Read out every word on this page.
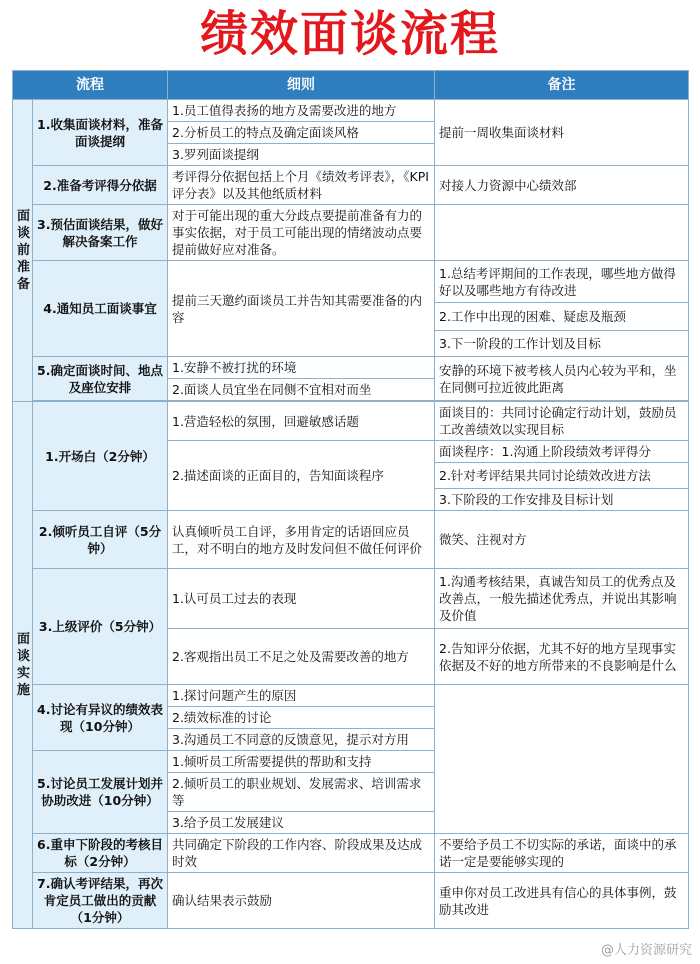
绩效面谈流程
流程		细则	备注
面谈前准备	1.收集面谈材料，准备面谈提纲	1.员工值得表扬的地方及需要改进的地方	提前一周收集面谈材料
		2.分析员工的特点及确定面谈风格	
		3.罗列面谈提纲	
	2.准备考评得分依据	考评得分依据包括上个月《绩效考评表》，《KPI评分表》以及其他纸质材料	对接人力资源中心绩效部
	3.预估面谈结果，做好解决备案工作	对于可能出现的重大分歧点要提前准备有力的事实依据，对于员工可能出现的情绪波动点要提前做好应对准备。	
	4.通知员工面谈事宜	提前三天邀约面谈员工并告知其需要准备的内容	1.总结考评期间的工作表现，哪些地方做得好以及哪些地方有待改进
			2.工作中出现的困难、疑虑及瓶颈
			3.下一阶段的工作计划及目标
	5.确定面谈时间、地点及座位安排	1.安静不被打扰的环境	安静的环境下被考核人员内心较为平和，坐在同侧可拉近彼此距离
		2.面谈人员宜坐在同侧不宜相对而坐	

面谈实施	1.开场白（2分钟）	1.营造轻松的氛围，回避敏感话题	面谈目的：共同讨论确定行动计划，鼓励员工改善绩效以实现目标
		2.描述面谈的正面目的，告知面谈程序	面谈程序：1.沟通上阶段绩效考评得分
			2.针对考评结果共同讨论绩效改进方法
			3.下阶段的工作安排及目标计划
	2.倾听员工自评（5分钟）	认真倾听员工自评，多用肯定的话语回应员工，对不明白的地方及时发问但不做任何评价	微笑、注视对方
	3.上级评价（5分钟）	1.认可员工过去的表现	1.沟通考核结果，真诚告知员工的优秀点及改善点，一般先描述优秀点，并说出其影响及价值
		2.客观指出员工不足之处及需要改善的地方	2.告知评分依据，尤其不好的地方呈现事实依据及不好的地方所带来的不良影响是什么
	4.讨论有异议的绩效表现（10分钟）	1.探讨问题产生的原因	
		2.绩效标准的讨论	
		3.沟通员工不同意的反馈意见，提示对方用	
	5.讨论员工发展计划并协助改进（10分钟）	1.倾听员工所需要提供的帮助和支持	
		2.倾听员工的职业规划、发展需求、培训需求等	
		3.给予员工发展建议	
	6.重申下阶段的考核目标（2分钟）	共同确定下阶段的工作内容、阶段成果及达成时效	不要给予员工不切实际的承诺，面谈中的承诺一定是要能够实现的
	7.确认考评结果，再次肯定员工做出的贡献（1分钟）	确认结果表示鼓励	重申你对员工改进具有信心的具体事例，鼓励其改进
@人力资源研究
